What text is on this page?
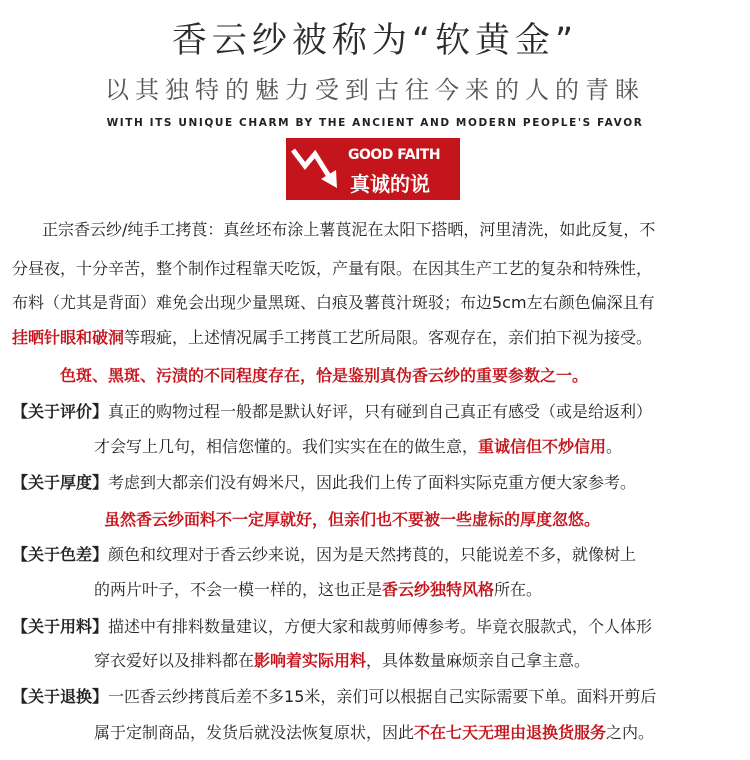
香云纱被称为“软黄金”
以其独特的魅力受到古往今来的人的青睐
WITH ITS UNIQUE CHARM BY THE ANCIENT AND MODERN PEOPLE'S FAVOR
GOOD FAITH
真诚的说
正宗香云纱/纯手工拷莨：真丝坯布涂上薯莨泥在太阳下搭晒，河里清洗，如此反复，不
分昼夜，十分辛苦，整个制作过程靠天吃饭，产量有限。在因其生产工艺的复杂和特殊性，
布料（尤其是背面）难免会出现少量黑斑、白痕及薯莨汁斑驳；布边5cm左右颜色偏深且有
挂晒针眼和破洞等瑕疵，上述情况属手工拷莨工艺所局限。客观存在，亲们拍下视为接受。
色斑、黑斑、污渍的不同程度存在，恰是鉴别真伪香云纱的重要参数之一。
【关于评价】真正的购物过程一般都是默认好评，只有碰到自己真正有感受（或是给返利）
才会写上几句，相信您懂的。我们实实在在的做生意，重诚信但不炒信用。
【关于厚度】考虑到大都亲们没有姆米尺，因此我们上传了面料实际克重方便大家参考。
虽然香云纱面料不一定厚就好，但亲们也不要被一些虚标的厚度忽悠。
【关于色差】颜色和纹理对于香云纱来说，因为是天然拷莨的，只能说差不多，就像树上
的两片叶子，不会一模一样的，这也正是香云纱独特风格所在。
【关于用料】描述中有排料数量建议，方便大家和裁剪师傅参考。毕竟衣服款式，个人体形
穿衣爱好以及排料都在影响着实际用料，具体数量麻烦亲自己拿主意。
【关于退换】一匹香云纱拷莨后差不多15米，亲们可以根据自己实际需要下单。面料开剪后
属于定制商品，发货后就没法恢复原状，因此不在七天无理由退换货服务之内。
